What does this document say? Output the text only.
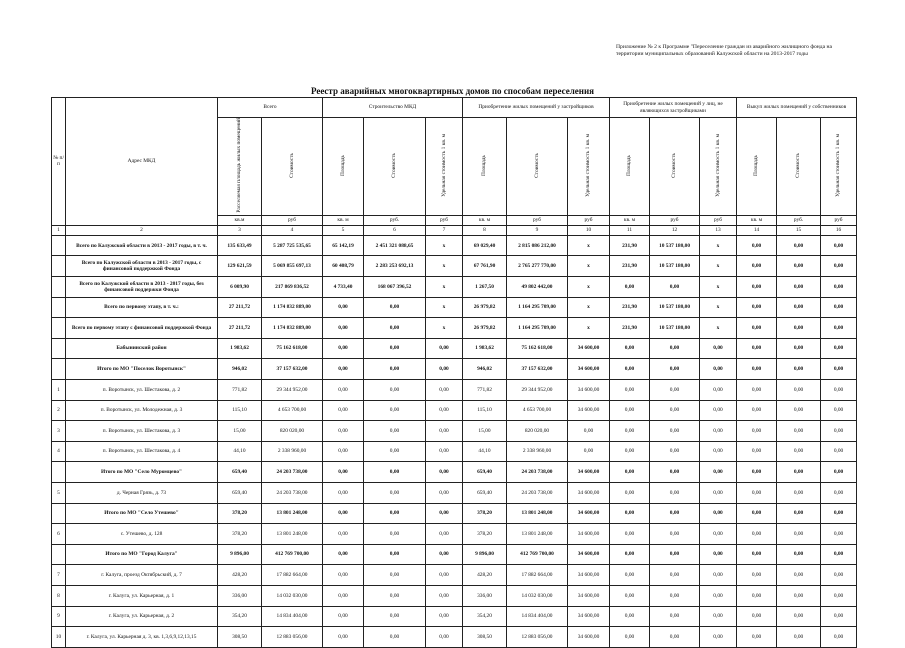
Приложение № 2 к Программе "Переселение граждан из аварийного жилищного фонда на территории муниципальных образований Калужской области на 2013-2017 годы
Реестр аварийных многоквартирных домов по способам переселения
№ п/п	Адрес МКД	Всего		Строительство МКД			Приобретение жилых помещений у застройщиков			Приобретение жилых помещений у лиц, не являющихся застройщиками			Выкуп жилых помещений у собственников		
		Расселяемая площадь жилых помещений	Стоимость	Площадь	Стоимость	Удельная стоимость 1 кв. м	Площадь	Стоимость	Удельная стоимость 1 кв. м	Площадь	Стоимость	Удельная стоимость 1 кв. м	Площадь	Стоимость	Удельная стоимость 1 кв. м
		кв.м	руб	кв. м	руб.	руб	кв. м	руб	руб	кв. м	руб	руб	кв. м	руб.	руб
1	2	3	4	5	6	7	8	9	10	11	12	13	14	15	16
	Всего по Калужской области в 2013 - 2017 годы, в т. ч.	135 633,49	5 287 725 535,65	65 142,19	2 451 321 088,65	х	69 029,40	2 815 086 212,00	х	231,90	10 537 180,00	х	0,00	0,00	0,00
	Всего по Калужской области в 2013 - 2017 годы, с финансовой поддержкой Фонда	129 621,59	5 069 855 697,13	60 408,79	2 283 253 692,13	х	67 761,90	2 765 277 770,00	х	231,90	10 537 180,00	х	0,00	0,00	0,00
	Всего по Калужской области в 2013 - 2017 годы, без финансовой поддержки Фонда	6 009,90	217 869 836,52	4 733,40	168 067 396,52	х	1 267,50	49 802 442,00	х	0,00	0,00	х	0,00	0,00	0,00
	Всего по первому этапу, в т. ч.:	27 211,72	1 174 832 889,00	0,00	0,00	х	26 979,82	1 164 295 709,00	х	231,90	10 537 180,00	х	0,00	0,00	0,00
	Всего по первому этапу с финансовой поддержкой Фонда	27 211,72	1 174 832 889,00	0,00	0,00	х	26 979,82	1 164 295 709,00	х	231,90	10 537 180,00	х	0,00	0,00	0,00
	Бабынинский район	1 983,62	75 162 618,00	0,00	0,00	0,00	1 983,62	75 162 618,00	34 600,00	0,00	0,00	0,00	0,00	0,00	0,00
	Итого по МО "Поселок Воротынск"	946,02	37 157 632,00	0,00	0,00	0,00	946,02	37 157 632,00	34 600,00	0,00	0,00	0,00	0,00	0,00	0,00
1	п. Воротынск, ул. Шестакова, д. 2	771,82	29 344 952,00	0,00	0,00	0,00	771,82	29 344 952,00	34 600,00	0,00	0,00	0,00	0,00	0,00	0,00
2	п. Воротынск, ул. Молодежная, д. 3	115,10	4 653 700,00	0,00	0,00	0,00	115,10	4 653 700,00	34 600,00	0,00	0,00	0,00	0,00	0,00	0,00
3	п. Воротынск, ул. Шестакова, д. 3	15,00	820 020,00	0,00	0,00	0,00	15,00	820 020,00	0,00	0,00	0,00	0,00	0,00	0,00	0,00
4	п. Воротынск, ул. Шестакова, д. 4	44,10	2 338 960,00	0,00	0,00	0,00	44,10	2 338 960,00	0,00	0,00	0,00	0,00	0,00	0,00	0,00
	Итого по МО "Село Муромцево"	659,40	24 203 738,00	0,00	0,00	0,00	659,40	24 203 738,00	34 600,00	0,00	0,00	0,00	0,00	0,00	0,00
5	д. Черная Грязь, д. 73	659,40	24 203 738,00	0,00	0,00	0,00	659,40	24 203 738,00	34 600,00	0,00	0,00	0,00	0,00	0,00	0,00
	Итого по МО "Село Утешево"	378,20	13 801 248,00	0,00	0,00	0,00	378,20	13 801 248,00	34 600,00	0,00	0,00	0,00	0,00	0,00	0,00
6	с. Утешево, д. 128	378,20	13 801 248,00	0,00	0,00	0,00	378,20	13 801 248,00	34 600,00	0,00	0,00	0,00	0,00	0,00	0,00
	Итого по МО "Город Калуга"	9 896,00	412 769 700,00	0,00	0,00	0,00	9 896,00	412 769 700,00	34 600,00	0,00	0,00	0,00	0,00	0,00	0,00
7	г. Калуга, проезд Октябрьский, д. 7	428,20	17 882 664,00	0,00	0,00	0,00	428,20	17 882 664,00	34 600,00	0,00	0,00	0,00	0,00	0,00	0,00
8	г. Калуга, ул. Карьерная, д. 1	336,00	14 032 030,00	0,00	0,00	0,00	336,00	14 032 030,00	34 600,00	0,00	0,00	0,00	0,00	0,00	0,00
9	г. Калуга, ул. Карьерная, д. 2	354,20	14 834 404,00	0,00	0,00	0,00	354,20	14 834 404,00	34 600,00	0,00	0,00	0,00	0,00	0,00	0,00
10	г. Калуга, ул. Карьерная д. 3, кв. 1,3,6,9,12,13,15	308,50	12 883 056,00	0,00	0,00	0,00	308,50	12 883 056,00	34 600,00	0,00	0,00	0,00	0,00	0,00	0,00
